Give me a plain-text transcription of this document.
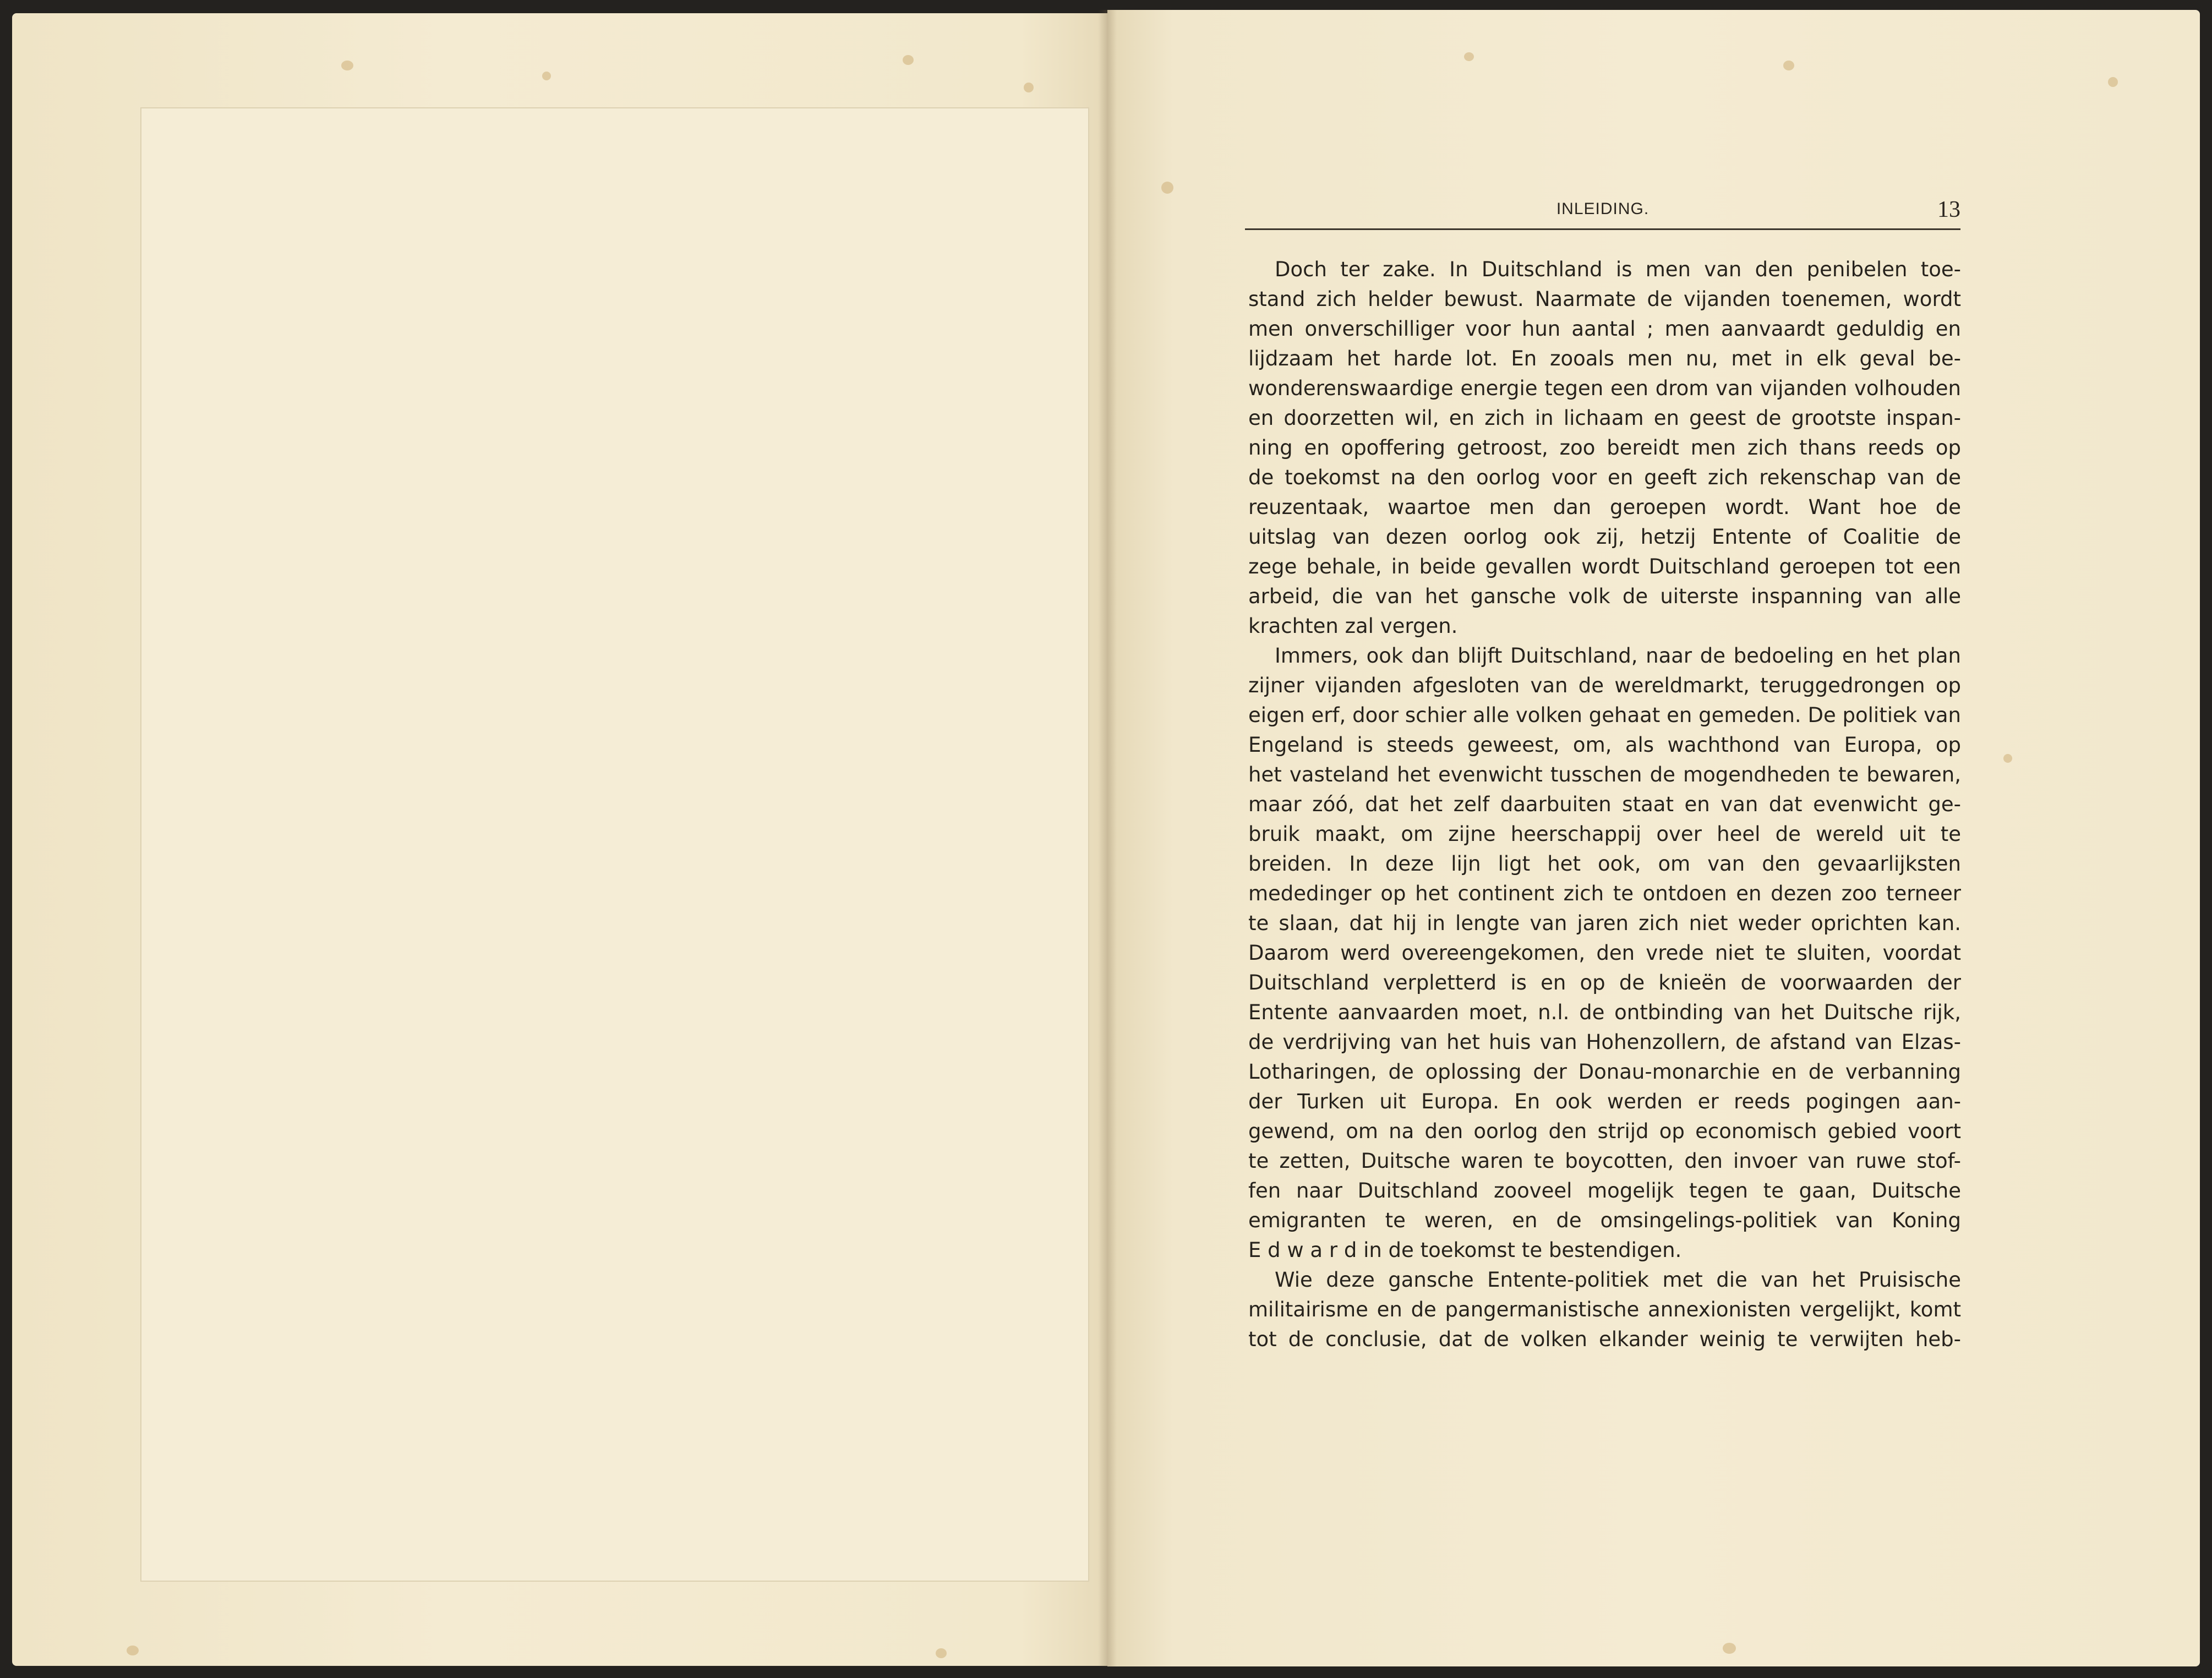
INLEIDING.	13
Doch ter zake. In Duitschland is men van den penibelen toe-
stand zich helder bewust. Naarmate de vijanden toenemen, wordt
men onverschilliger voor hun aantal ; men aanvaardt geduldig en
lijdzaam het harde lot. En zooals men nu, met in elk geval be-
wonderenswaardige energie tegen een drom van vijanden volhouden
en doorzetten wil, en zich in lichaam en geest de grootste inspan-
ning en opoffering getroost, zoo bereidt men zich thans reeds op
de toekomst na den oorlog voor en geeft zich rekenschap van de
reuzentaak, waartoe men dan geroepen wordt. Want hoe de
uitslag van dezen oorlog ook zij, hetzij Entente of Coalitie de
zege behale, in beide gevallen wordt Duitschland geroepen tot een
arbeid, die van het gansche volk de uiterste inspanning van alle
krachten zal vergen.
Immers, ook dan blijft Duitschland, naar de bedoeling en het plan
zijner vijanden afgesloten van de wereldmarkt, teruggedrongen op
eigen erf, door schier alle volken gehaat en gemeden. De politiek van
Engeland is steeds geweest, om, als wachthond van Europa, op
het vasteland het evenwicht tusschen de mogendheden te bewaren,
maar zóó, dat het zelf daarbuiten staat en van dat evenwicht ge-
bruik maakt, om zijne heerschappij over heel de wereld uit te
breiden. In deze lijn ligt het ook, om van den gevaarlijksten
mededinger op het continent zich te ontdoen en dezen zoo terneer
te slaan, dat hij in lengte van jaren zich niet weder oprichten kan.
Daarom werd overeengekomen, den vrede niet te sluiten, voordat
Duitschland verpletterd is en op de knieën de voorwaarden der
Entente aanvaarden moet, n.l. de ontbinding van het Duitsche rijk,
de verdrijving van het huis van Hohenzollern, de afstand van Elzas-
Lotharingen, de oplossing der Donau-monarchie en de verbanning
der Turken uit Europa. En ook werden er reeds pogingen aan-
gewend, om na den oorlog den strijd op economisch gebied voort
te zetten, Duitsche waren te boycotten, den invoer van ruwe stof-
fen naar Duitschland zooveel mogelijk tegen te gaan, Duitsche
emigranten te weren, en de omsingelings-politiek van Koning
E d w a r d in de toekomst te bestendigen.
Wie deze gansche Entente-politiek met die van het Pruisische
militairisme en de pangermanistische annexionisten vergelijkt, komt
tot de conclusie, dat de volken elkander weinig te verwijten heb-
